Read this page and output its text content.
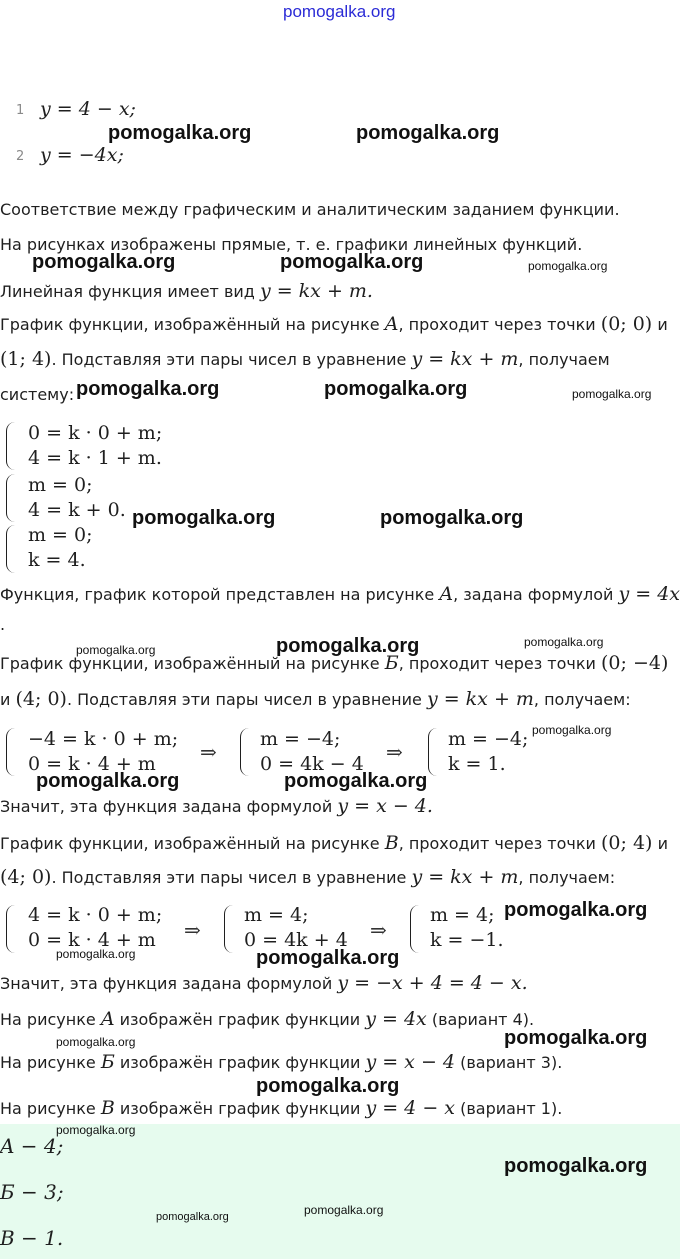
pomogalka.org
1 y = 4 − x;
2 y = −4x;
Соответствие между графическим и аналитическим заданием функции.
На рисунках изображены прямые, т. е. графики линейных функций.
Линейная функция имеет вид y = kx + m.
График функции, изображённый на рисунке A, проходит через точки (0; 0) и
(1; 4). Подставляя эти пары чисел в уравнение y = kx + m, получаем
систему:
0 = k · 0 + m;
4 = k · 1 + m.
m = 0;
4 = k + 0.
m = 0;
k = 4.
Функция, график которой представлен на рисунке A, задана формулой y = 4x
.
График функции, изображённый на рисунке Б, проходит через точки (0; −4)
и (4; 0). Подставляя эти пары чисел в уравнение y = kx + m, получаем:
−4 = k · 0 + m;
0 = k · 4 + m ⇒
m = −4;
0 = 4k − 4 ⇒
m = −4;
k = 1.
Значит, эта функция задана формулой y = x − 4.
График функции, изображённый на рисунке B, проходит через точки (0; 4) и
(4; 0). Подставляя эти пары чисел в уравнение y = kx + m, получаем:
4 = k · 0 + m;
0 = k · 4 + m ⇒
m = 4;
0 = 4k + 4 ⇒
m = 4;
k = −1.
Значит, эта функция задана формулой y = −x + 4 = 4 − x.
На рисунке A изображён график функции y = 4x (вариант 4).
На рисунке Б изображён график функции y = x − 4 (вариант 3).
На рисунке B изображён график функции y = 4 − x (вариант 1).
A − 4;
Б − 3;
B − 1.
pomogalka.org	pomogalka.org
pomogalka.org	pomogalka.org	pomogalka.org
pomogalka.org	pomogalka.org	pomogalka.org
pomogalka.org	pomogalka.org
pomogalka.org	pomogalka.org	pomogalka.org
pomogalka.org
pomogalka.org	pomogalka.org
pomogalka.org
pomogalka.org	pomogalka.org
pomogalka.org	pomogalka.org
pomogalka.org
pomogalka.org
pomogalka.org
pomogalka.org
pomogalka.org
